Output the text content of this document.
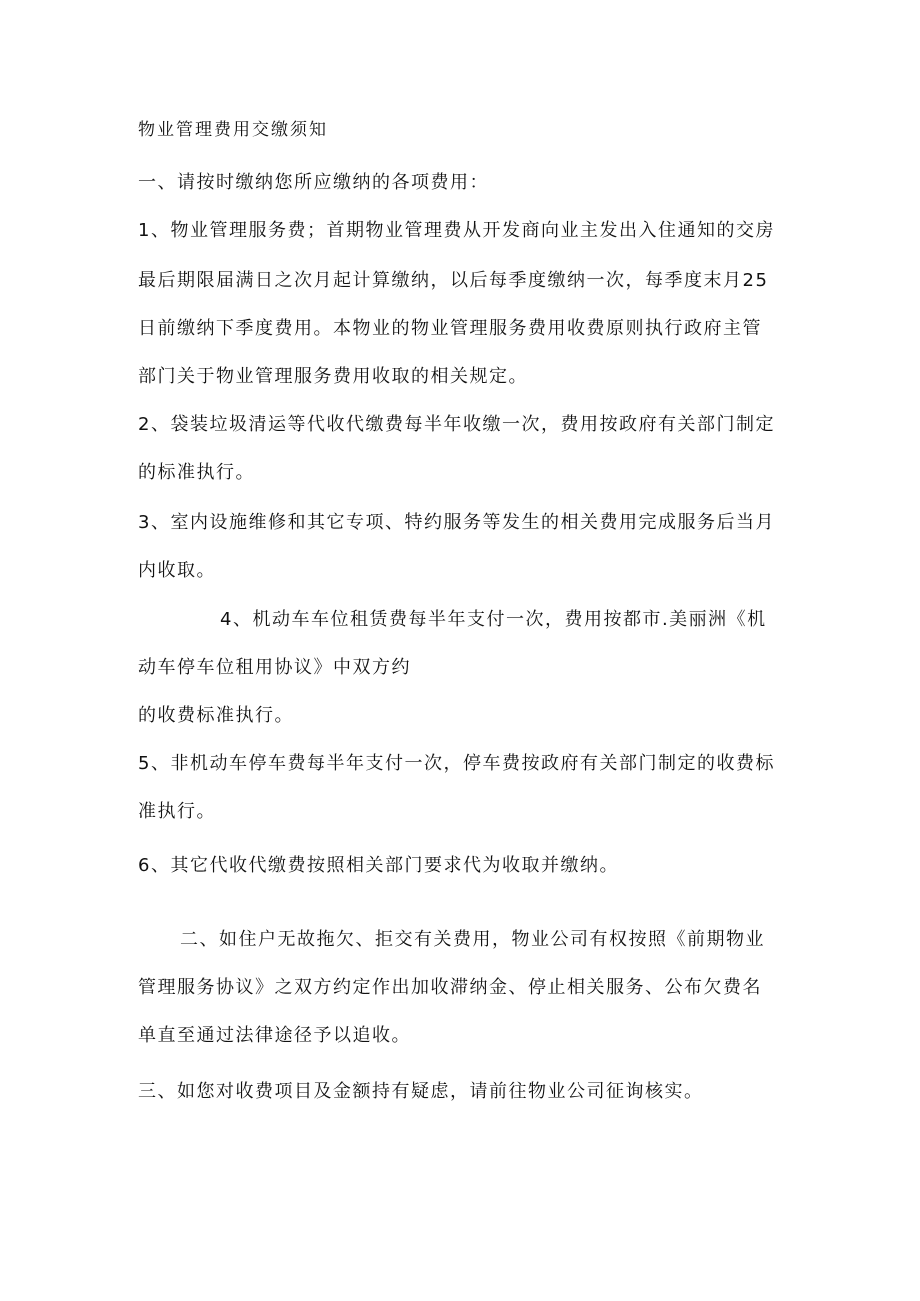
物业管理费用交缴须知

一、请按时缴纳您所应缴纳的各项费用：

1、物业管理服务费；首期物业管理费从开发商向业主发出入住通知的交房

最后期限届满日之次月起计算缴纳，以后每季度缴纳一次，每季度末月25

日前缴纳下季度费用。本物业的物业管理服务费用收费原则执行政府主管

部门关于物业管理服务费用收取的相关规定。

2、袋装垃圾清运等代收代缴费每半年收缴一次，费用按政府有关部门制定

的标准执行。

3、室内设施维修和其它专项、特约服务等发生的相关费用完成服务后当月

内收取。

4、机动车车位租赁费每半年支付一次，费用按都市.美丽洲《机

动车停车位租用协议》中双方约

的收费标准执行。

5、非机动车停车费每半年支付一次，停车费按政府有关部门制定的收费标

准执行。

6、其它代收代缴费按照相关部门要求代为收取并缴纳。

二、如住户无故拖欠、拒交有关费用，物业公司有权按照《前期物业

管理服务协议》之双方约定作出加收滞纳金、停止相关服务、公布欠费名

单直至通过法律途径予以追收。

三、如您对收费项目及金额持有疑虑，请前往物业公司征询核实。
